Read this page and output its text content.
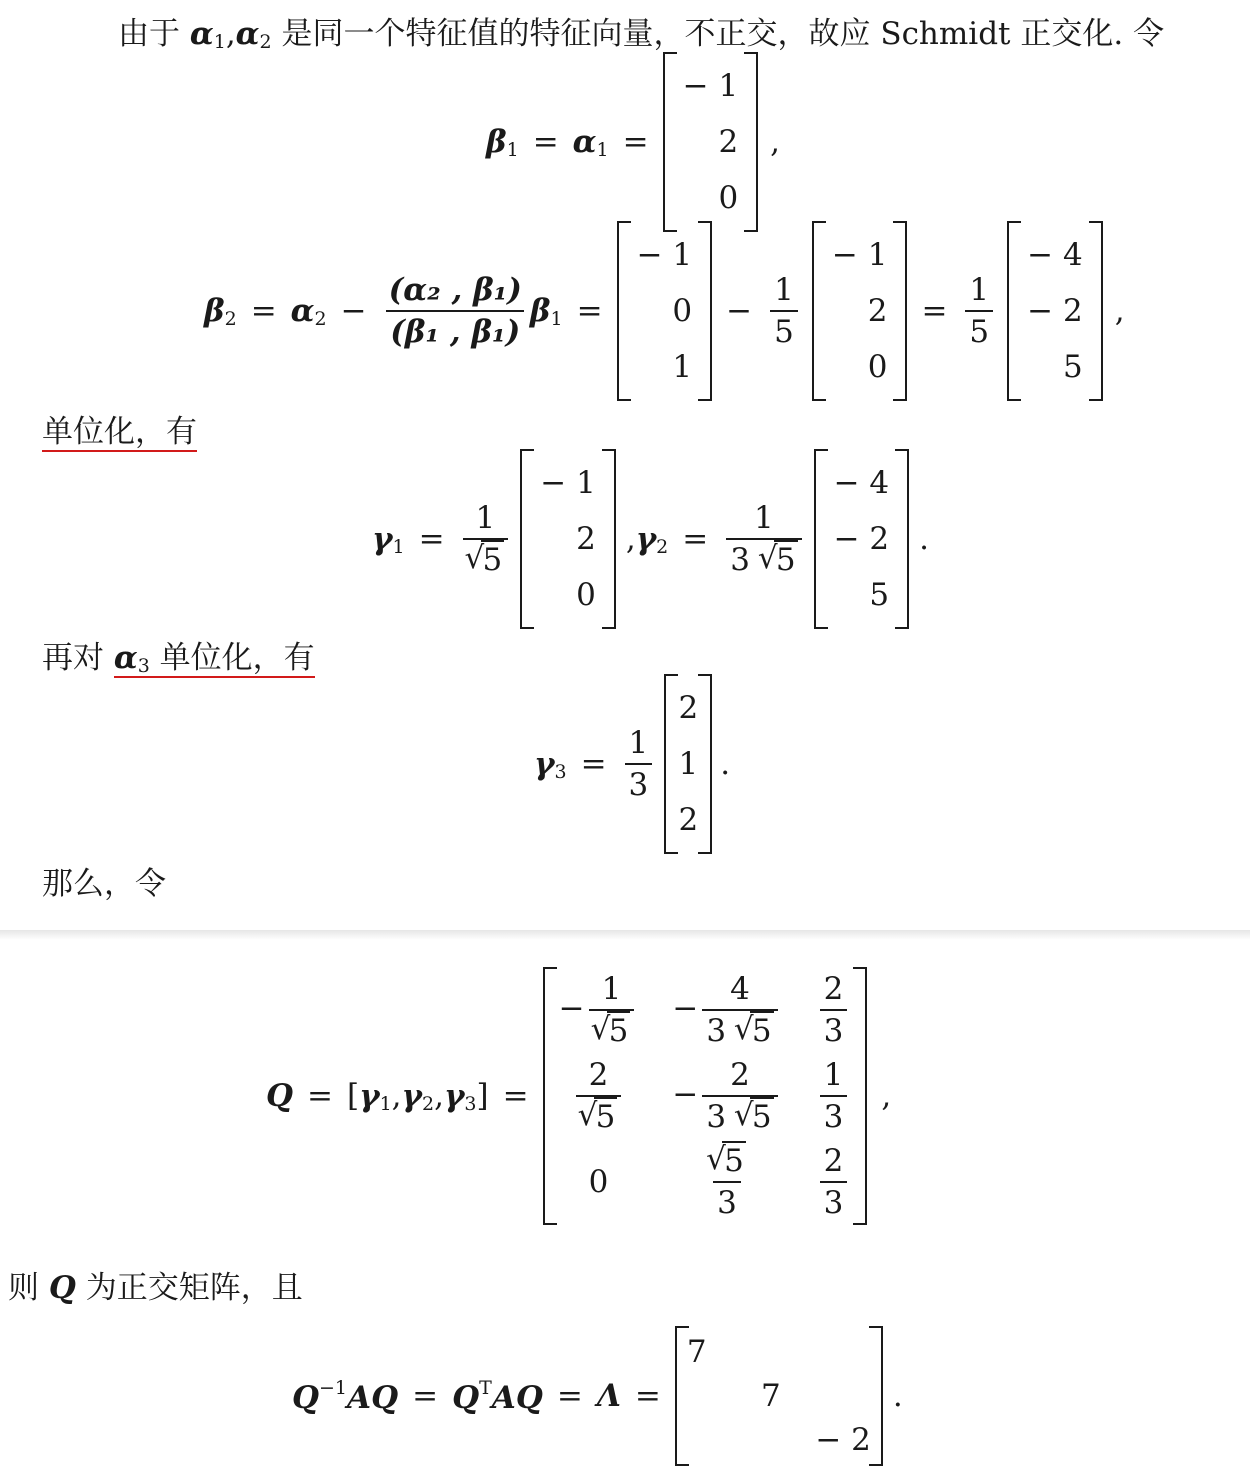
由于 $\alpha_1,\alpha_2$ 是同一个特征值的特征向量，不正交，故应 Schmidt 正交化. 令
$\beta_1 = \alpha_1$ =
− 1
2
0
,
$\beta_2 = \alpha_2 - \frac{\text{(α₂ , β₁)}}{\text{(β₁ , β₁)}} \beta_1$ =
− 1
0
1
− $\frac{1}{5}$
− 1
2
0
= $\frac{1}{5}$
− 4
− 2
5
,
单位化，有
$\gamma_1 = 1$
√ 5
− 1
2
0
, $\gamma_2 = \frac{1}{3 √ 5}$
− 4
− 2
5
.
再对 $\alpha_3$ 单位化，有
$\gamma_3 = \frac{1}{3}$
2
1
2
.
那么，令
Q = [ $\gamma_1$ , $\gamma_2$ , $\gamma_3$ ] =
− 1
√ $5 - \frac{4}{3 √ 5} \frac{2}{3}$
2
√ $5 - \frac{2}{3 √ 5} \frac{1}{3}$
0	√ $\frac{5}{3} \frac{2}{3}$
,
则 Q 为正交矩阵，且
$Q^{-1}AQ = Q^TAQ = \Lambda$ =
7
7
− 2
.
